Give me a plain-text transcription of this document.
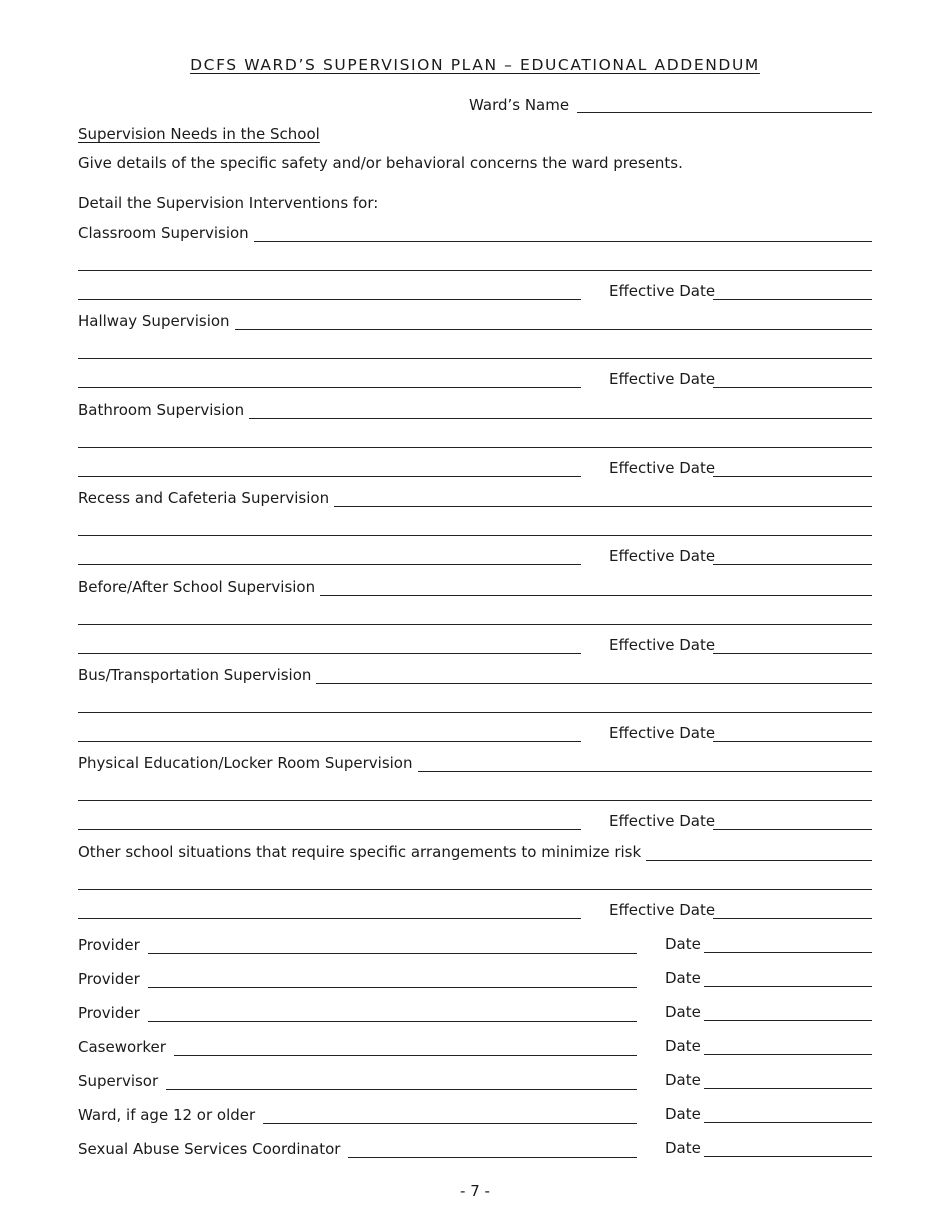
DCFS WARD’S SUPERVISION PLAN – EDUCATIONAL ADDENDUM
Ward’s Name
Supervision Needs in the School
Give details of the specific safety and/or behavioral concerns the ward presents.
Detail the Supervision Interventions for:
Classroom Supervision
Effective Date
Hallway Supervision
Effective Date
Bathroom Supervision
Effective Date
Recess and Cafeteria Supervision
Effective Date
Before/After School Supervision
Effective Date
Bus/Transportation Supervision
Effective Date
Physical Education/Locker Room Supervision
Effective Date
Other school situations that require specific arrangements to minimize risk
Effective Date
Provider	Date
Provider	Date
Provider	Date
Caseworker	Date
Supervisor	Date
Ward, if age 12 or older	Date
Sexual Abuse Services Coordinator	Date
- 7 -
